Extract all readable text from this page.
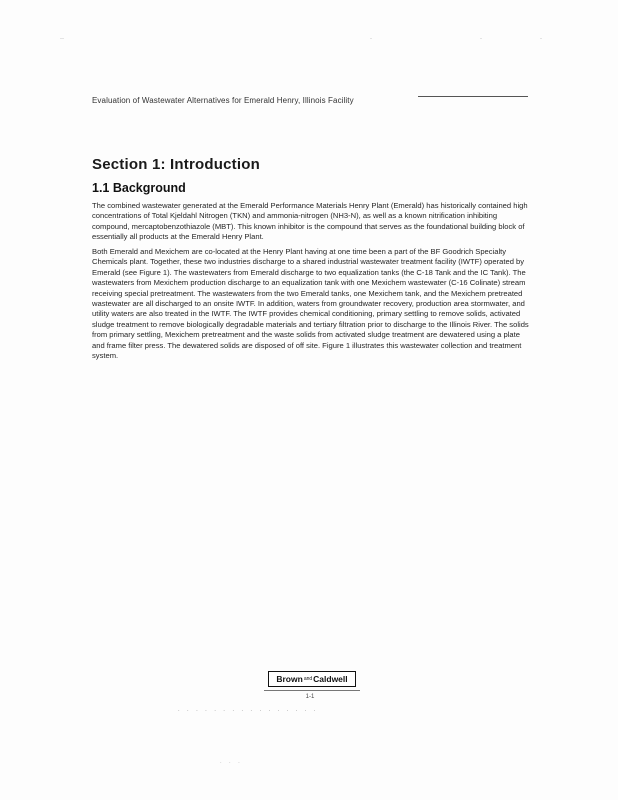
··	·	·	·
Evaluation of Wastewater Alternatives for Emerald Henry, Illinois Facility
Section 1: Introduction
1.1 Background
The combined wastewater generated at the Emerald Performance Materials Henry Plant (Emerald) has historically contained high concentrations of Total Kjeldahl Nitrogen (TKN) and ammonia-nitrogen (NH3-N), as well as a known nitrification inhibiting compound, mercaptobenzothiazole (MBT). This known inhibitor is the compound that serves as the foundational building block of essentially all products at the Emerald Henry Plant.
Both Emerald and Mexichem are co-located at the Henry Plant having at one time been a part of the BF Goodrich Specialty Chemicals plant. Together, these two industries discharge to a shared industrial wastewater treatment facility (IWTF) operated by Emerald (see Figure 1). The wastewaters from Emerald discharge to two equalization tanks (the C-18 Tank and the IC Tank). The wastewaters from Mexichem production discharge to an equalization tank with one Mexichem wastewater (C-16 Colinate) stream receiving special pretreatment. The wastewaters from the two Emerald tanks, one Mexichem tank, and the Mexichem pretreated wastewater are all discharged to an onsite IWTF. In addition, waters from groundwater recovery, production area stormwater, and utility waters are also treated in the IWTF. The IWTF provides chemical conditioning, primary settling to remove solids, activated sludge treatment to remove biologically degradable materials and tertiary filtration prior to discharge to the Illinois River. The solids from primary settling, Mexichem pretreatment and the waste solids from activated sludge treatment are dewatered using a plate and frame filter press. The dewatered solids are disposed of off site. Figure 1 illustrates this wastewater collection and treatment system.
Brown and Caldwell
1-1
· · · · · · · · · · · · · · · ·
· · ·
